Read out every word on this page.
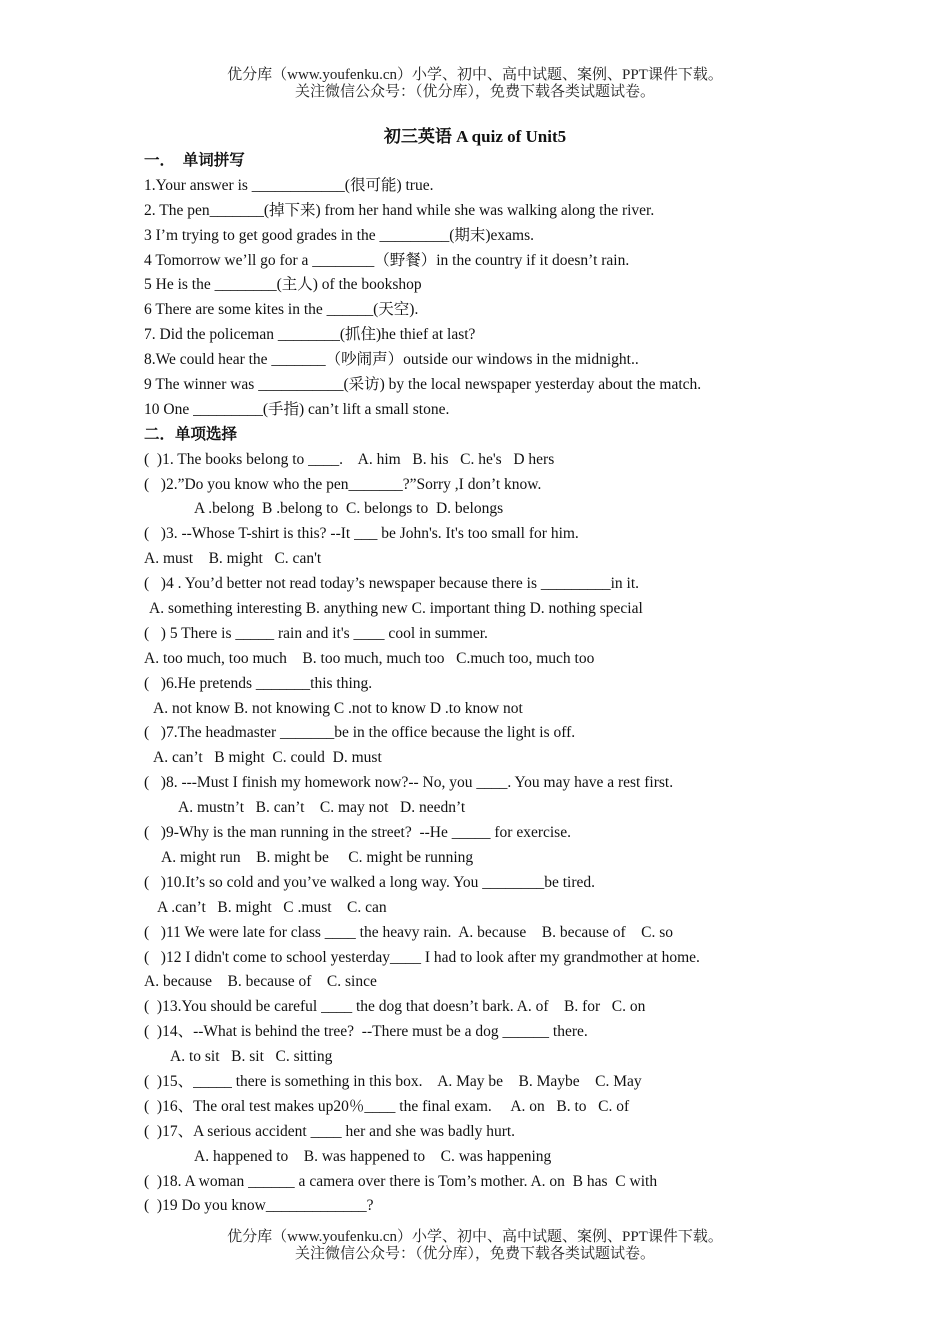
优分库（www.youfenku.cn）小学、初中、高中试题、案例、PPT课件下载。
关注微信公众号：（优分库），免费下载各类试题试卷。
初三英语 A quiz of Unit5
一．  单词拼写
1.Your answer is ____________(很可能) true.
2. The pen_______(掉下来) from her hand while she was walking along the river.
3 I’m trying to get good grades in the _________(期末)exams.
4 Tomorrow we’ll go for a ________（野餐）in the country if it doesn’t rain.
5 He is the ________(主人) of the bookshop
6 There are some kites in the ______(天空).
7. Did the policeman ________(抓住)he thief at last?
8.We could hear the _______（吵闹声）outside our windows in the midnight..
9 The winner was ___________(采访) by the local newspaper yesterday about the match.
10 One _________(手指) can’t lift a small stone.
二．单项选择
(  )1. The books belong to ____.    A. him   B. his   C. he's   D hers
(   )2.”Do you know who the pen_______?”Sorry ,I don’t know.
A .belong  B .belong to  C. belongs to  D. belongs
(   )3. --Whose T-shirt is this? --It ___ be John's. It's too small for him.
A. must    B. might   C. can't
(   )4 . You’d better not read today’s newspaper because there is _________in it.
A. something interesting B. anything new C. important thing D. nothing special
(   ) 5 There is _____ rain and it's ____ cool in summer.
A. too much, too much    B. too much, much too   C.much too, much too
(   )6.He pretends _______this thing.
A. not know B. not knowing C .not to know D .to know not
(   )7.The headmaster _______be in the office because the light is off.
A. can’t   B might  C. could  D. must
(   )8. ---Must I finish my homework now?-- No, you ____. You may have a rest first.
A. mustn’t   B. can’t    C. may not   D. needn’t
(   )9-Why is the man running in the street?  --He _____ for exercise.
A. might run    B. might be     C. might be running
(   )10.It’s so cold and you’ve walked a long way. You ________be tired.
A .can’t   B. might   C .must    C. can
(   )11 We were late for class ____ the heavy rain.  A. because    B. because of    C. so
(   )12 I didn't come to school yesterday____ I had to look after my grandmother at home.
A. because    B. because of    C. since
(  )13.You should be careful ____ the dog that doesn’t bark. A. of    B. for   C. on
(  )14、--What is behind the tree?  --There must be a dog ______ there.
A. to sit   B. sit   C. sitting
(  )15、_____ there is something in this box.    A. May be    B. Maybe    C. May
(  )16、The oral test makes up20％____ the final exam.     A. on   B. to   C. of
(  )17、A serious accident ____ her and she was badly hurt.
A. happened to    B. was happened to    C. was happening
(  )18. A woman ______ a camera over there is Tom’s mother. A. on  B has  C with
(  )19 Do you know_____________?
优分库（www.youfenku.cn）小学、初中、高中试题、案例、PPT课件下载。
关注微信公众号：（优分库），免费下载各类试题试卷。
